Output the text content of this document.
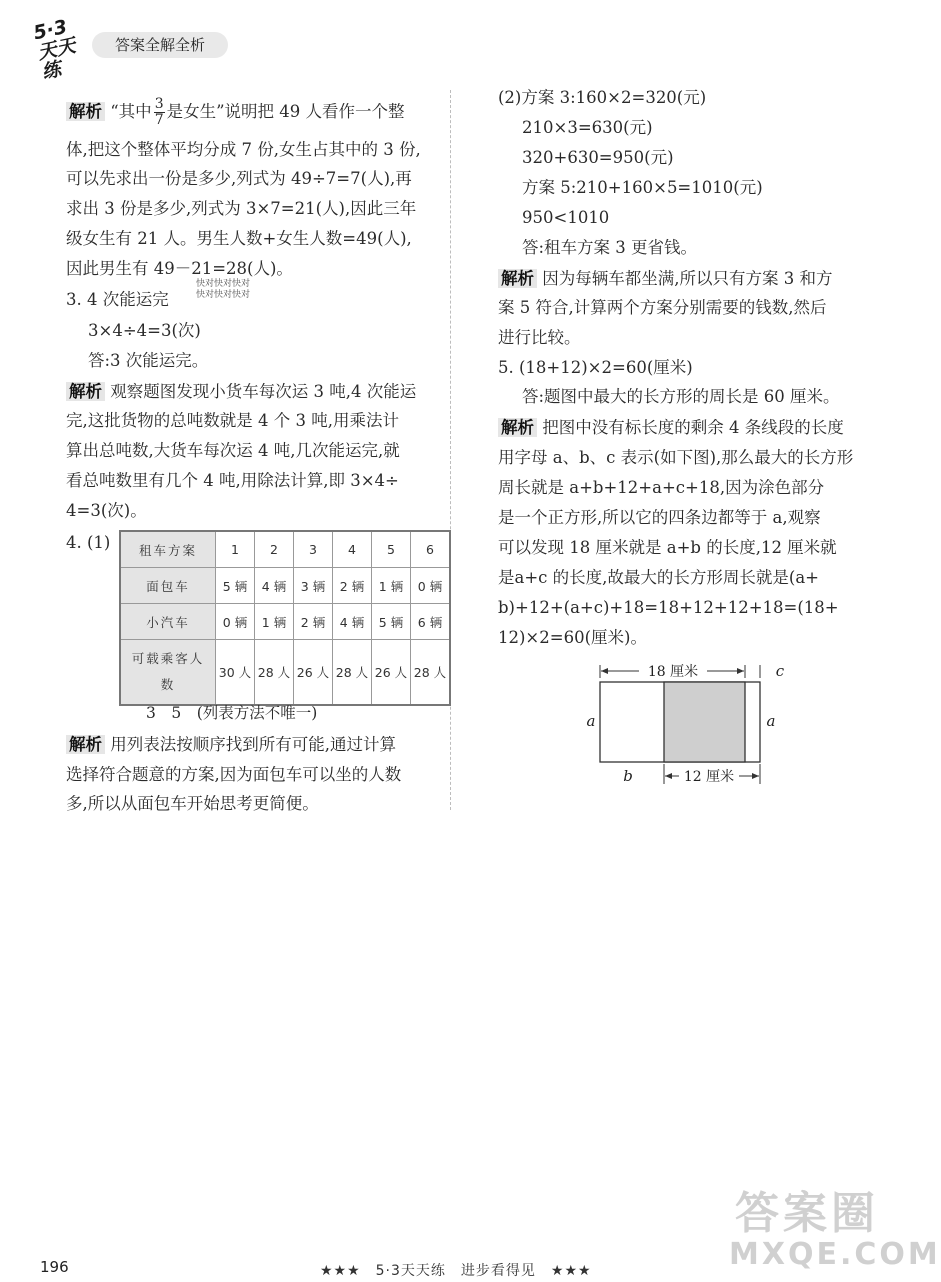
5·3天天练
答案全解全析
解析 “其中 $\frac{3}{7}$ 是女生”说明把 49 人看作一个整
体,把这个整体平均分成 7 份,女生占其中的 3 份,
可以先求出一份是多少,列式为 49÷7=7(人),再
求出 3 份是多少,列式为 3×7=21(人),因此三年
级女生有 21 人。男生人数+女生人数=49(人),
因此男生有 49－21=28(人)。
快对快对快对
快对快对快对
3. 4 次能运完
3×4÷4=3(次)
答:3 次能运完。
解析 观察题图发现小货车每次运 3 吨,4 次能运
完,这批货物的总吨数就是 4 个 3 吨,用乘法计
算出总吨数,大货车每次运 4 吨,几次能运完,就
看总吨数里有几个 4 吨,用除法计算,即 3×4÷
4=3(次)。
4. (1) 租车方案	1	2	3	4	5	6
面包车	5 辆	4 辆	3 辆	2 辆	1 辆	0 辆
小汽车	0 辆	1 辆	2 辆	4 辆	5 辆	6 辆
可载乘客人数	30 人	28 人	26 人	28 人	26 人	28 人
3　5　(列表方法不唯一)
解析 用列表法按顺序找到所有可能,通过计算
选择符合题意的方案,因为面包车可以坐的人数
多,所以从面包车开始思考更简便。
(2)方案 3:160×2=320(元)
210×3=630(元)
320+630=950(元)
方案 5:210+160×5=1010(元)
950<1010
答:租车方案 3 更省钱。
解析 因为每辆车都坐满,所以只有方案 3 和方
案 5 符合,计算两个方案分别需要的钱数,然后
进行比较。
5. (18+12)×2=60(厘米)
答:题图中最大的长方形的周长是 60 厘米。
解析 把图中没有标长度的剩余 4 条线段的长度
用字母 a、b、c 表示(如下图),那么最大的长方形
周长就是 a+b+12+a+c+18,因为涂色部分
是一个正方形,所以它的四条边都等于 a,观察
可以发现 18 厘米就是 a+b 的长度,12 厘米就
是a+c 的长度,故最大的长方形周长就是(a+
b)+12+(a+c)+18=18+12+12+18=(18+
12)×2=60(厘米)。
18 厘米	c
a	a
b	12 厘米
196	★★★　5·3天天练　进步看得见　★★★
答案圈
MXQE.COM
